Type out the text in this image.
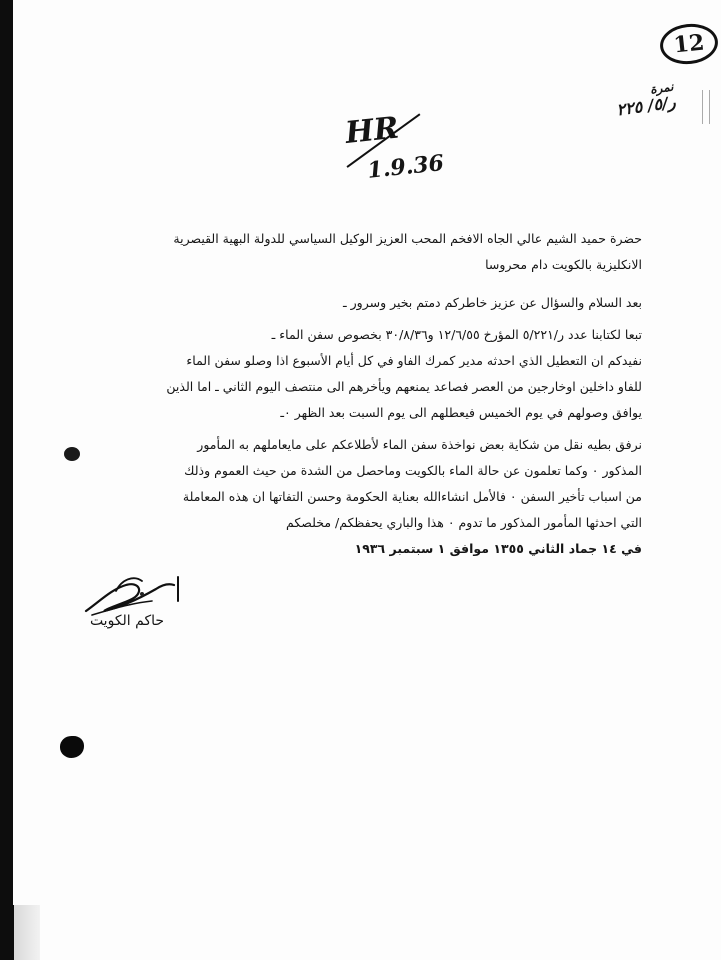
12
نمرة
ر/٥/ ٢٢٥
HR
1.9.36

حضرة حميد الشيم عالي الجاه الافخم المحب العزيز الوكيل السياسي للدولة البهية القيصرية

الانكليزية بالكويت دام محروسا

بعد السلام والسؤال عن عزيز خاطركم دمتم بخير وسرور ـ

تبعا لكتابنا عدد ر/٥/٢٢١ المؤرخ ١٢/٦/٥٥ و٣٠/٨/٣٦ بخصوص سفن الماء ـ

نفيدكم ان التعطيل الذي احدثه مدير كمرك الفاو في كل أيام الأسبوع اذا وصلو سفن الماء

للفاو داخلين اوخارجين من العصر فصاعد يمنعهم ويأخرهم الى منتصف اليوم الثاني ـ اما الذين

يوافق وصولهم في يوم الخميس فيعطلهم الى يوم السبت بعد الظهر ٠ـ

نرفق بطيه نقل من شكاية بعض نواخذة سفن الماء لأطلاعكم على مايعاملهم به المأمور

المذكور ٠ وكما تعلمون عن حالة الماء بالكويت وماحصل من الشدة من حيث العموم وذلك

من اسباب تأخير السفن ٠ فالأمل انشاءالله بعناية الحكومة وحسن التفاتها ان هذه المعاملة

التي احدثها المأمور المذكور ما تدوم ٠ هذا والباري يحفظكم/ مخلصكم

في ١٤ جماد الثاني ١٣٥٥ موافق ١ سبتمبر ١٩٣٦

حاكم الكويت
